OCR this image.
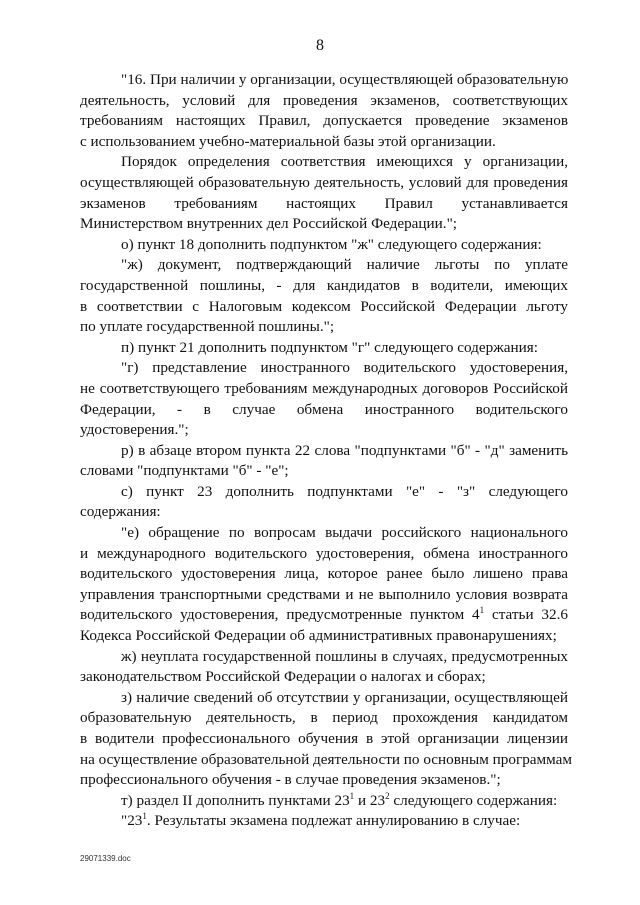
8
"16. При наличии у организации, осуществляющей образовательную
деятельность, условий для проведения экзаменов, соответствующих
требованиям настоящих Правил, допускается проведение экзаменов
с использованием учебно-материальной базы этой организации.
Порядок определения соответствия имеющихся у организации,
осуществляющей образовательную деятельность, условий для проведения
экзаменов требованиям настоящих Правил устанавливается
Министерством внутренних дел Российской Федерации.";
о) пункт 18 дополнить подпунктом "ж" следующего содержания:
"ж) документ, подтверждающий наличие льготы по уплате
государственной пошлины, - для кандидатов в водители, имеющих
в соответствии с Налоговым кодексом Российской Федерации льготу
по уплате государственной пошлины.";
п) пункт 21 дополнить подпунктом "г" следующего содержания:
"г) представление иностранного водительского удостоверения,
не соответствующего требованиям международных договоров Российской
Федерации, - в случае обмена иностранного водительского
удостоверения.";
р) в абзаце втором пункта 22 слова "подпунктами "б" - "д" заменить
словами "подпунктами "б" - "е";
с) пункт 23 дополнить подпунктами "е" - "з" следующего
содержания:
"е) обращение по вопросам выдачи российского национального
и международного водительского удостоверения, обмена иностранного
водительского удостоверения лица, которое ранее было лишено права
управления транспортными средствами и не выполнило условия возврата
водительского удостоверения, предусмотренные пунктом $4^1$ статьи 32.6
Кодекса Российской Федерации об административных правонарушениях;
ж) неуплата государственной пошлины в случаях, предусмотренных
законодательством Российской Федерации о налогах и сборах;
з) наличие сведений об отсутствии у организации, осуществляющей
образовательную деятельность, в период прохождения кандидатом
в водители профессионального обучения в этой организации лицензии
на осуществление образовательной деятельности по основным программам
профессионального обучения - в случае проведения экзаменов.";
т) раздел II дополнить пунктами $23^1$ и $23^2$ следующего содержания:
"$23^1$. Результаты экзамена подлежат аннулированию в случае:
29071339.doc
